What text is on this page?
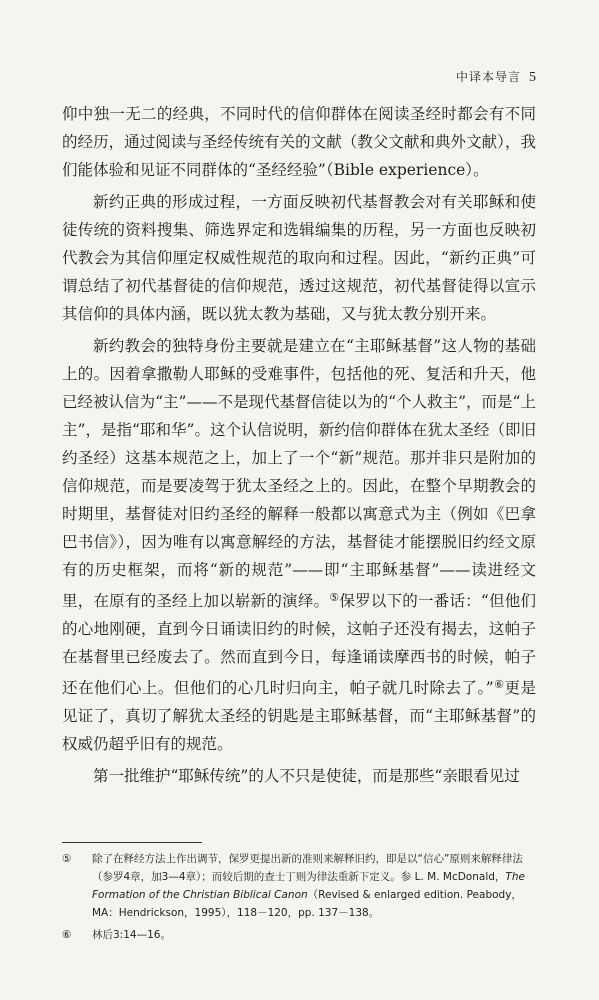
中译本导言 5

仰中独一无二的经典，不同时代的信仰群体在阅读圣经时都会有不同的经历，通过阅读与圣经传统有关的文献（教父文献和典外文献），我们能体验和见证不同群体的“圣经经验”（Bible experience）。

新约正典的形成过程，一方面反映初代基督教会对有关耶稣和使徒传统的资料搜集、筛选界定和选辑编集的历程，另一方面也反映初代教会为其信仰厘定权威性规范的取向和过程。因此，“新约正典”可谓总结了初代基督徒的信仰规范，透过这规范，初代基督徒得以宣示其信仰的具体内涵，既以犹太教为基础，又与犹太教分别开来。

新约教会的独特身份主要就是建立在“主耶稣基督”这人物的基础上的。因着拿撒勒人耶稣的受难事件，包括他的死、复活和升天，他已经被认信为“主”——不是现代基督信徒以为的“个人救主”，而是“上主”，是指“耶和华”。这个认信说明，新约信仰群体在犹太圣经（即旧约圣经）这基本规范之上，加上了一个“新”规范。那并非只是附加的信仰规范，而是要凌驾于犹太圣经之上的。因此，在整个早期教会的时期里，基督徒对旧约圣经的解释一般都以寓意式为主（例如《巴拿巴书信》），因为唯有以寓意解经的方法，基督徒才能摆脱旧约经文原有的历史框架，而将“新的规范”——即“主耶稣基督”——读进经文里，在原有的圣经上加以崭新的演绎。⑤保罗以下的一番话：“但他们的心地刚硬，直到今日诵读旧约的时候，这帕子还没有揭去，这帕子在基督里已经废去了。然而直到今日，每逢诵读摩西书的时候，帕子还在他们心上。但他们的心几时归向主，帕子就几时除去了。”⑥更是见证了，真切了解犹太圣经的钥匙是主耶稣基督，而“主耶稣基督”的权威仍超乎旧有的规范。

第一批维护“耶稣传统”的人不只是使徒，而是那些“亲眼看见过

⑤	除了在释经方法上作出调节，保罗更提出新的准则来解释旧约，即是以“信心”原则来解释律法（参罗4章，加3—4章）；而较后期的查士丁则为律法重新下定义。参 L. M. McDonald，The Formation of the Christian Biblical Canon（Revised & enlarged edition. Peabody，MA：Hendrickson，1995），118－120，pp. 137－138。
⑥	林后3:14—16。
